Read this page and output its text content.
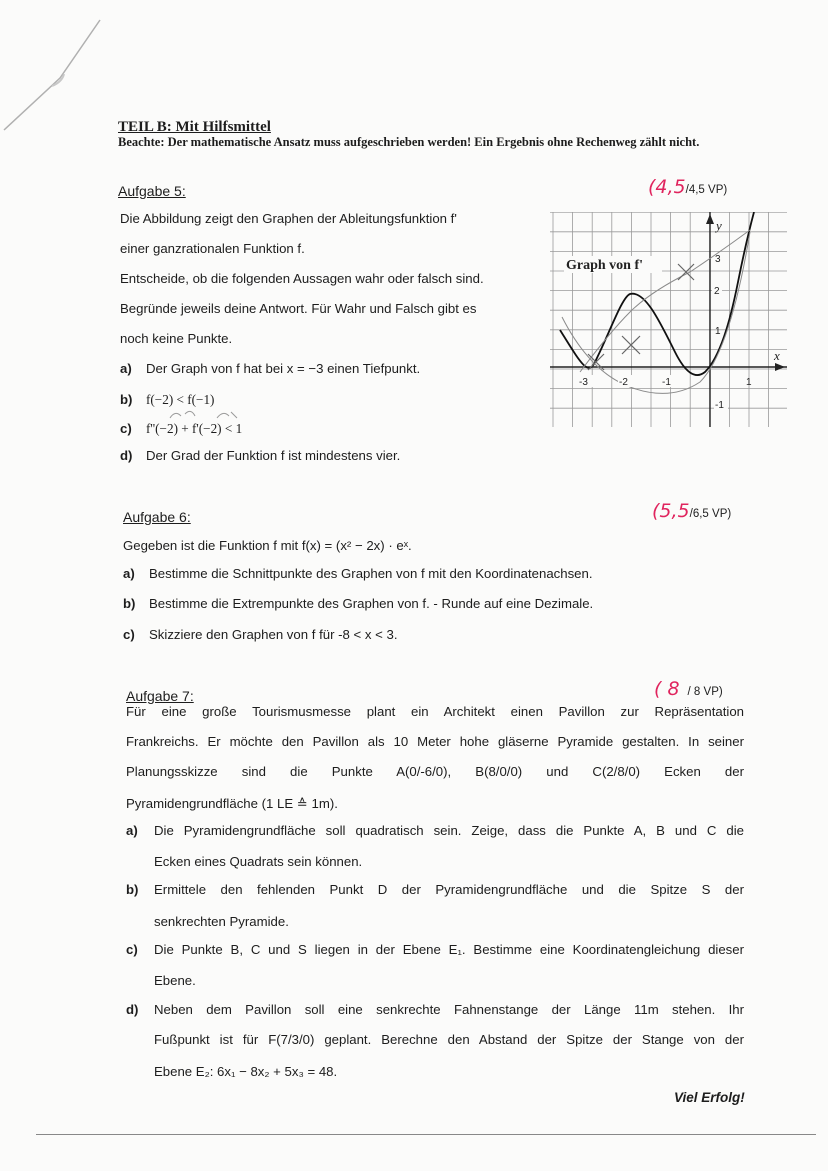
TEIL B: Mit Hilfsmittel
Beachte: Der mathematische Ansatz muss aufgeschrieben werden! Ein Ergebnis ohne Rechenweg zählt nicht.
Aufgabe 5:	(4,5/4,5 VP)
Die Abbildung zeigt den Graphen der Ableitungsfunktion f'
einer ganzrationalen Funktion f.
Entscheide, ob die folgenden Aussagen wahr oder falsch sind.
Begründe jeweils deine Antwort. Für Wahr und Falsch gibt es
noch keine Punkte.
a) Der Graph von f hat bei x = −3 einen Tiefpunkt.
b) f(−2) < f(−1)
c) f''(−2) + f'(−2) < 1
d) Der Grad der Funktion f ist mindestens vier.
Graph von f'
y
x
-3	-2	-1	1
3
2
1
-1
Aufgabe 6:	(5,5/6,5 VP)
Gegeben ist die Funktion f mit f(x) = (x² − 2x) · eˣ.
a) Bestimme die Schnittpunkte des Graphen von f mit den Koordinatenachsen.
b) Bestimme die Extrempunkte des Graphen von f. - Runde auf eine Dezimale.
c) Skizziere den Graphen von f für -8 < x < 3.
Aufgabe 7:	( 8 / 8 VP)
Für eine große Tourismusmesse plant ein Architekt einen Pavillon zur Repräsentation
Frankreichs. Er möchte den Pavillon als 10 Meter hohe gläserne Pyramide gestalten. In seiner
Planungsskizze sind die Punkte A(0/-6/0), B(8/0/0) und C(2/8/0) Ecken der
Pyramidengrundfläche (1 LE ≙ 1m).
a) Die Pyramidengrundfläche soll quadratisch sein. Zeige, dass die Punkte A, B und C die
Ecken eines Quadrats sein können.
b) Ermittele den fehlenden Punkt D der Pyramidengrundfläche und die Spitze S der
senkrechten Pyramide.
c) Die Punkte B, C und S liegen in der Ebene E₁. Bestimme eine Koordinatengleichung dieser
Ebene.
d) Neben dem Pavillon soll eine senkrechte Fahnenstange der Länge 11m stehen. Ihr
Fußpunkt ist für F(7/3/0) geplant. Berechne den Abstand der Spitze der Stange von der
Ebene E₂: 6x₁ − 8x₂ + 5x₃ = 48.
Viel Erfolg!
